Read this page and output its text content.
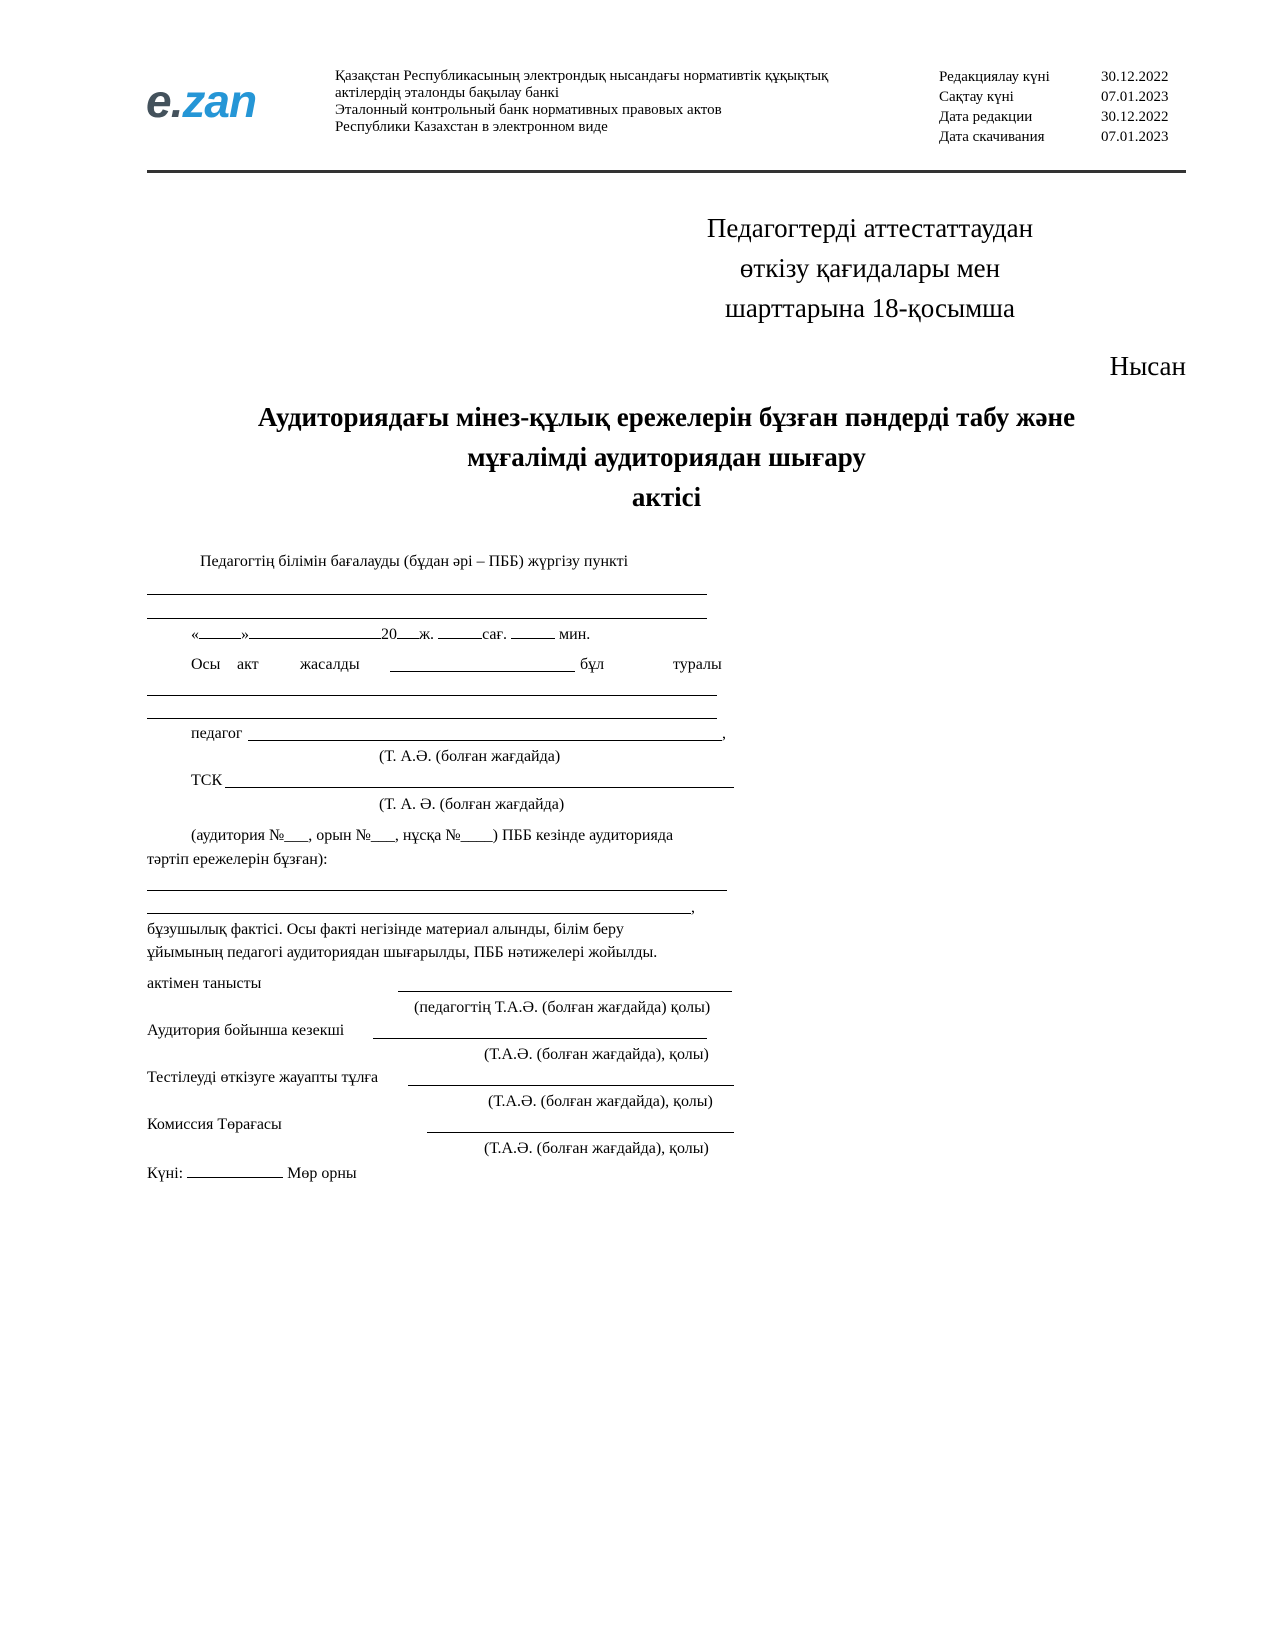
e.zan	Қазақстан Республикасының электрондық нысандағы нормативтік құқықтық
актілердің эталонды бақылау банкі
Эталонный контрольный банк нормативных правовых актов
Республики Казахстан в электронном виде
Редакциялау күні	30.12.2022
Сақтау күні	07.01.2023
Дата редакции	30.12.2022
Дата скачивания	07.01.2023
Педагогтерді аттестаттаудан
өткізу қағидалары мен
шарттарына 18-қосымша
Нысан
Аудиториядағы мінез-құлық ережелерін бұзған пәндерді табу және
мұғалімді аудиториядан шығару
актісі
Педагогтің білімін бағалауды (бұдан әрі – ПББ) жүргізу пункті
«	»	20 ж.	сағ.	мин.
Осы акт	жасалды	бұл	туралы
педагог	,
(Т. А.Ә. (болған жағдайда)
ТСК
(Т. А. Ә. (болған жағдайда)
(аудитория №___, орын №___, нұсқа №____) ПББ кезінде аудиторияда
тәртіп ережелерін бұзған):
,
бұзушылық фактісі. Осы факті негізінде материал алынды, білім беру
ұйымының педагогі аудиториядан шығарылды, ПББ нәтижелері жойылды.
актімен танысты
(педагогтің Т.А.Ә. (болған жағдайда) қолы)
Аудитория бойынша кезекші
(Т.А.Ә. (болған жағдайда), қолы)
Тестілеуді өткізуге жауапты тұлға
(Т.А.Ә. (болған жағдайда), қолы)
Комиссия Төрағасы
(Т.А.Ә. (болған жағдайда), қолы)
Күні:	Мөр орны
